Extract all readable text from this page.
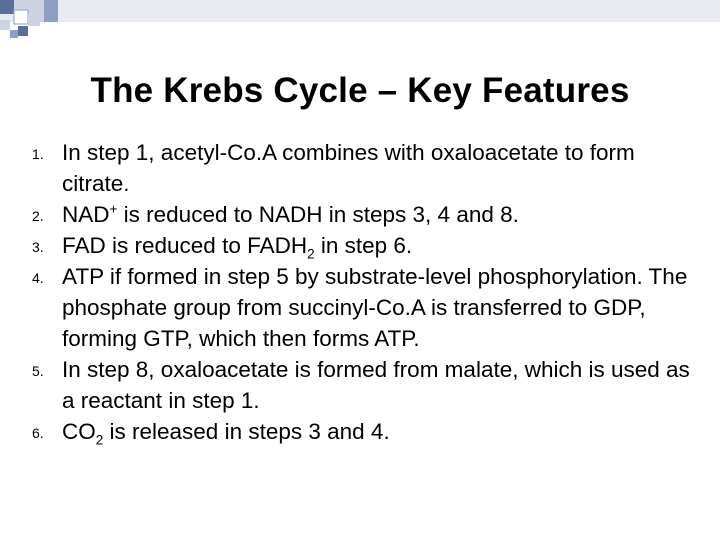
The Krebs Cycle – Key Features
1. In step 1, acetyl-Co.A combines with oxaloacetate to form citrate.
2. NAD+ is reduced to NADH in steps 3, 4 and 8.
3. FAD is reduced to $FADH_2$ in step 6.
4. ATP if formed in step 5 by substrate-level phosphorylation. The phosphate group from succinyl-Co.A is transferred to GDP, forming GTP, which then forms ATP.
5. In step 8, oxaloacetate is formed from malate, which is used as a reactant in step 1.
6. $CO_2$ is released in steps 3 and 4.
